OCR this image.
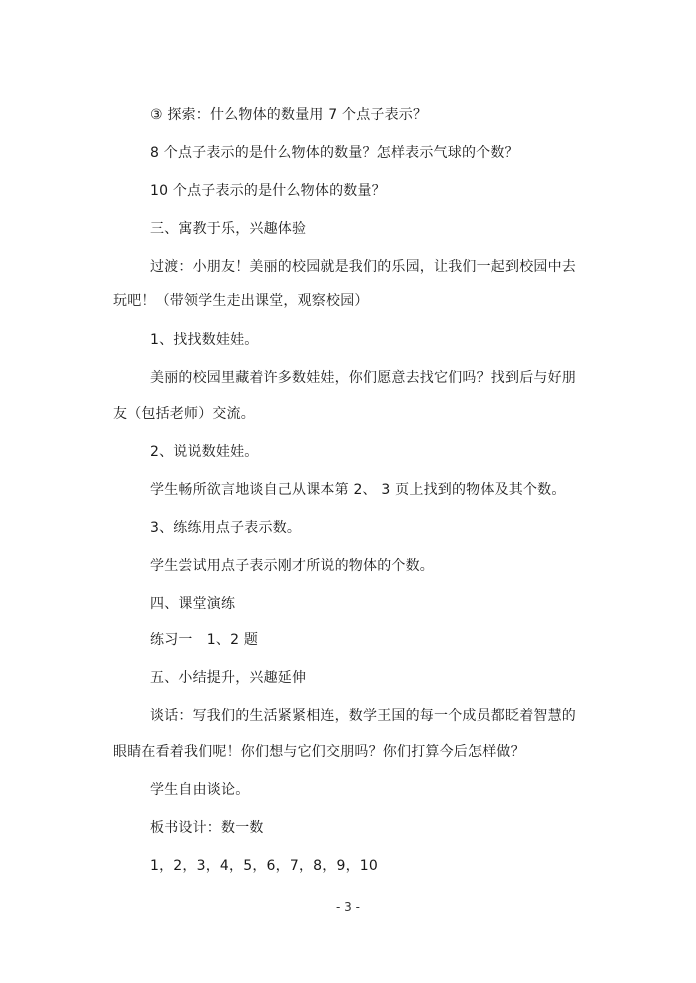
③ 探索：什么物体的数量用 7 个点子表示？
8 个点子表示的是什么物体的数量？怎样表示气球的个数？
10 个点子表示的是什么物体的数量？
三、寓教于乐，兴趣体验
过渡：小朋友！美丽的校园就是我们的乐园，让我们一起到校园中去
玩吧！（带领学生走出课堂，观察校园）
1、找找数娃娃。
美丽的校园里藏着许多数娃娃，你们愿意去找它们吗？找到后与好朋
友（包括老师）交流。
2、说说数娃娃。
学生畅所欲言地谈自己从课本第 2、 3 页上找到的物体及其个数。
3、练练用点子表示数。
学生尝试用点子表示刚才所说的物体的个数。
四、课堂演练
练习一　1、2 题
五、小结提升，兴趣延伸
谈话：写我们的生活紧紧相连，数学王国的每一个成员都眨着智慧的
眼睛在看着我们呢！你们想与它们交朋吗？你们打算今后怎样做？
学生自由谈论。
板书设计：数一数
1，2，3，4，5，6，7，8，9，10
- 3 -
